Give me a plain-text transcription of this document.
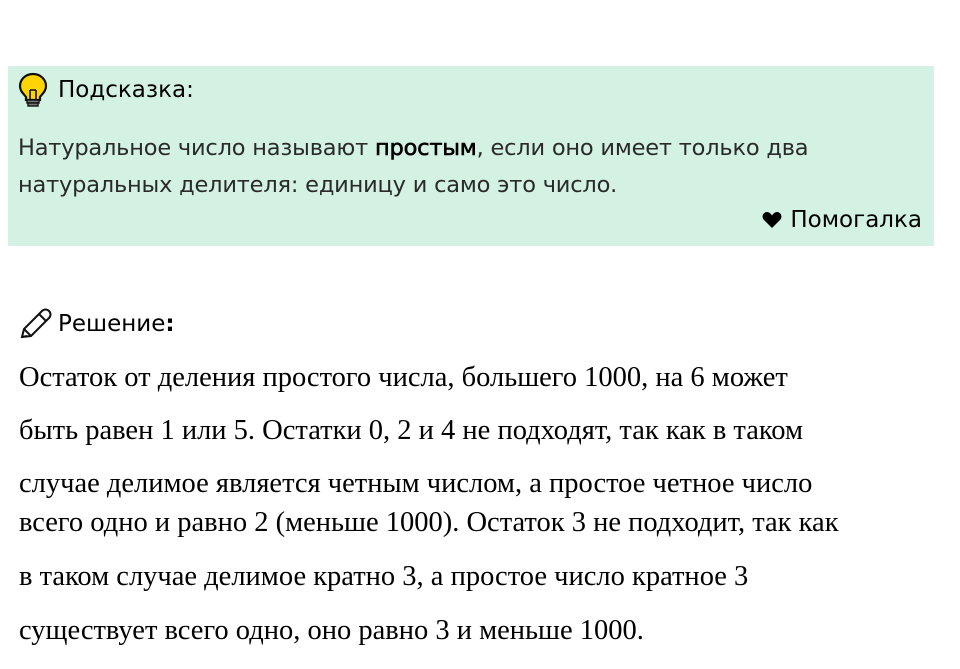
Подсказка:
Натуральное число называют простым, если оно имеет только два натуральных делителя: единицу и само это число.
Помогалка
Решение:
Остаток от деления простого числа, большего 1000, на 6 может
быть равен 1 или 5. Остатки 0, 2 и 4 не подходят, так как в таком
случае делимое является четным числом, а простое четное число
всего одно и равно 2 (меньше 1000). Остаток 3 не подходит, так как
в таком случае делимое кратно 3, а простое число кратное 3
существует всего одно, оно равно 3 и меньше 1000.
